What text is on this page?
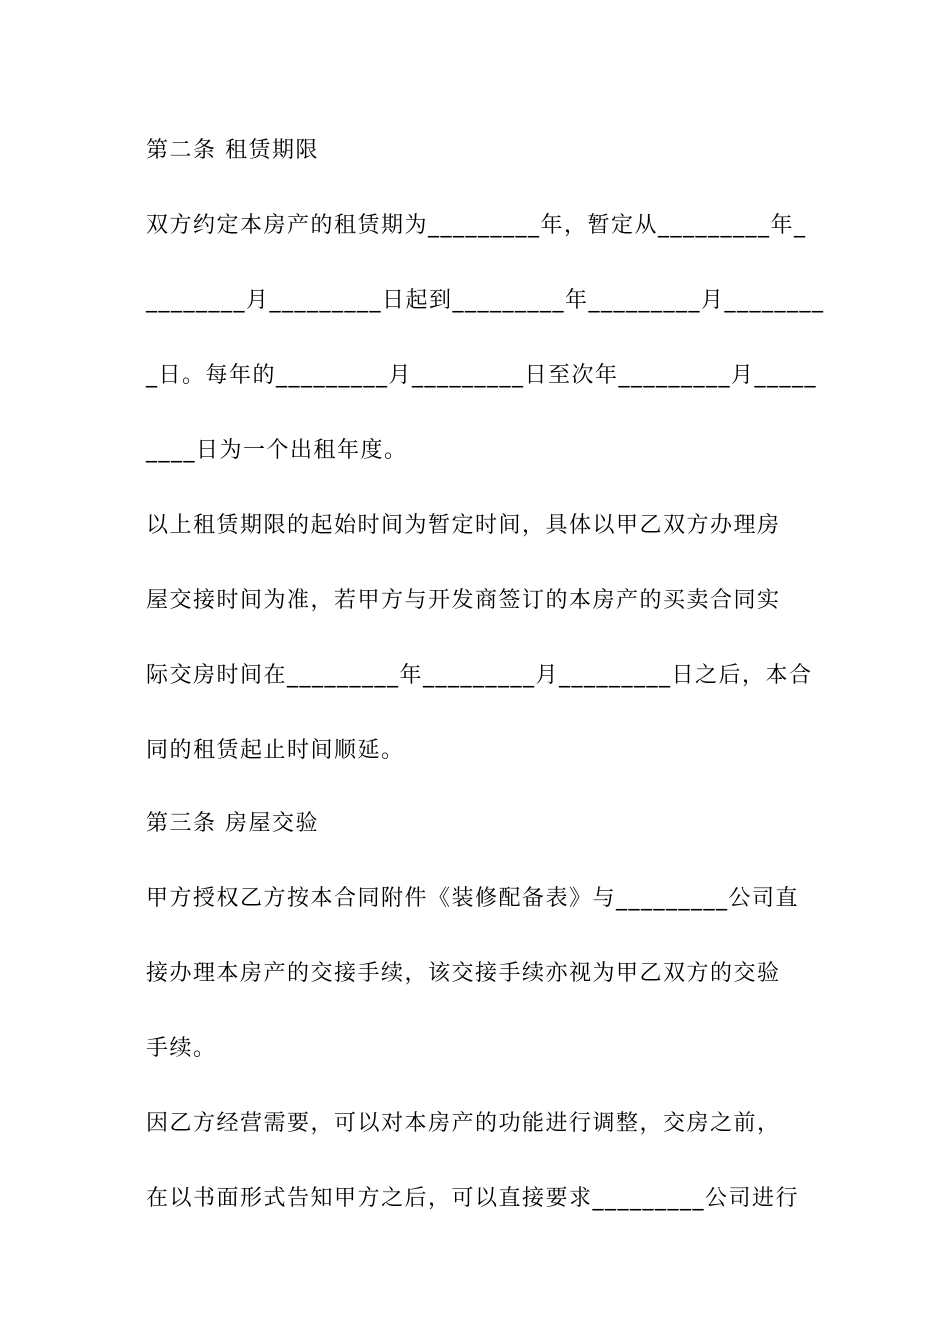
第二条 租赁期限
双方约定本房产的租赁期为_________年，暂定从_________年_
________月_________日起到_________年_________月________
_日。每年的_________月_________日至次年_________月_____
____日为一个出租年度。
以上租赁期限的起始时间为暂定时间，具体以甲乙双方办理房
屋交接时间为准，若甲方与开发商签订的本房产的买卖合同实
际交房时间在_________年_________月_________日之后，本合
同的租赁起止时间顺延。
第三条 房屋交验
甲方授权乙方按本合同附件《装修配备表》与_________公司直
接办理本房产的交接手续，该交接手续亦视为甲乙双方的交验
手续。
因乙方经营需要，可以对本房产的功能进行调整，交房之前，
在以书面形式告知甲方之后，可以直接要求_________公司进行
